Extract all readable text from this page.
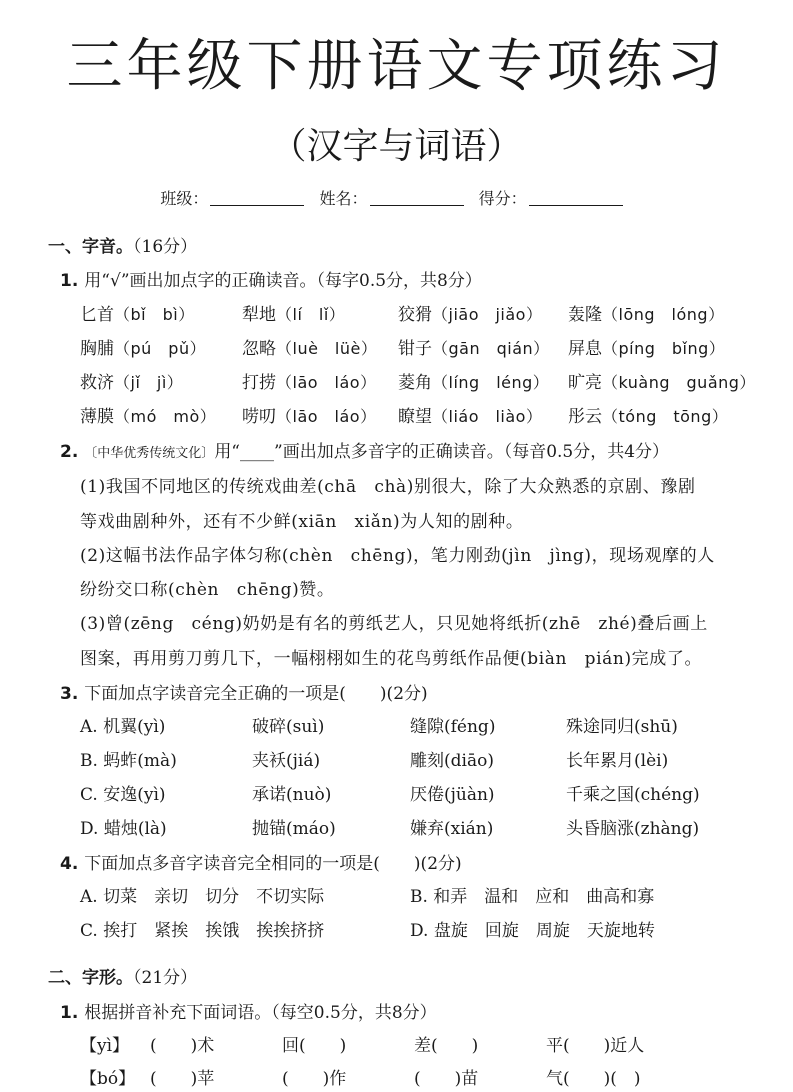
三年级下册语文专项练习
（汉字与词语）
班级：	姓名：	得分：
一、字音。（16分）
1. 用“√”画出加点字的正确读音。（每字0.5分，共8分）
2. 〔中华优秀传统文化〕用“____”画出加点多音字的正确读音。（每音0.5分，共4分）
(1)我国不同地区的传统戏曲差(chā　chà)别很大，除了大众熟悉的京剧、豫剧
等戏曲剧种外，还有不少鲜(xiān　xiǎn)为人知的剧种。
(2)这幅书法作品字体匀称(chèn　chēng)，笔力刚劲(jìn　jìng)，现场观摩的人
纷纷交口称(chèn　chēng)赞。
(3)曾(zēng　céng)奶奶是有名的剪纸艺人，只见她将纸折(zhē　zhé)叠后画上
图案，再用剪刀剪几下，一幅栩栩如生的花鸟剪纸作品便(biàn　pián)完成了。
3. 下面加点字读音完全正确的一项是(　　)(2分)
4. 下面加点多音字读音完全相同的一项是(　　)(2分)
二、字形。（21分）
1. 根据拼音补充下面词语。（每空0.5分，共8分）
匕首（bǐ　bì）	犁地（lí　lǐ）	狡猾（jiāo　jiǎo） 轰隆（lōng　lóng）
胸脯（pú　pǔ） 忽略（luè　lüè） 钳子（gān　qián） 屏息（píng　bǐng）
救济（jǐ　jì）	打捞（lāo　láo） 菱角（líng　léng） 旷亮（kuàng　guǎng）
薄膜（mó　mò） 唠叨（lāo　láo） 瞭望（liáo　liào） 彤云（tóng　tōng）
A. 机翼(yì)	破碎(suì)	缝隙(féng)	殊途同归(shū)
B. 蚂蚱(mà)	夹袄(jiá)	雕刻(diāo)	长年累月(lèi)
C. 安逸(yì)	承诺(nuò)	厌倦(jüàn)	千乘之国(chéng)
D. 蜡烛(là)	抛锚(máo)	嫌弃(xián)	头昏脑涨(zhàng)
A. 切菜　亲切　切分　不切实际	B. 和弄　温和　应和　曲高和寡
C. 挨打　紧挨　挨饿　挨挨挤挤	D. 盘旋　回旋　周旋　天旋地转
【yì】 (　　)术	回(　　)	差(　　)	平(　　)近人
【bó】 (　　)苹	(　　)作	(　　)苗	气(　　)(　)
